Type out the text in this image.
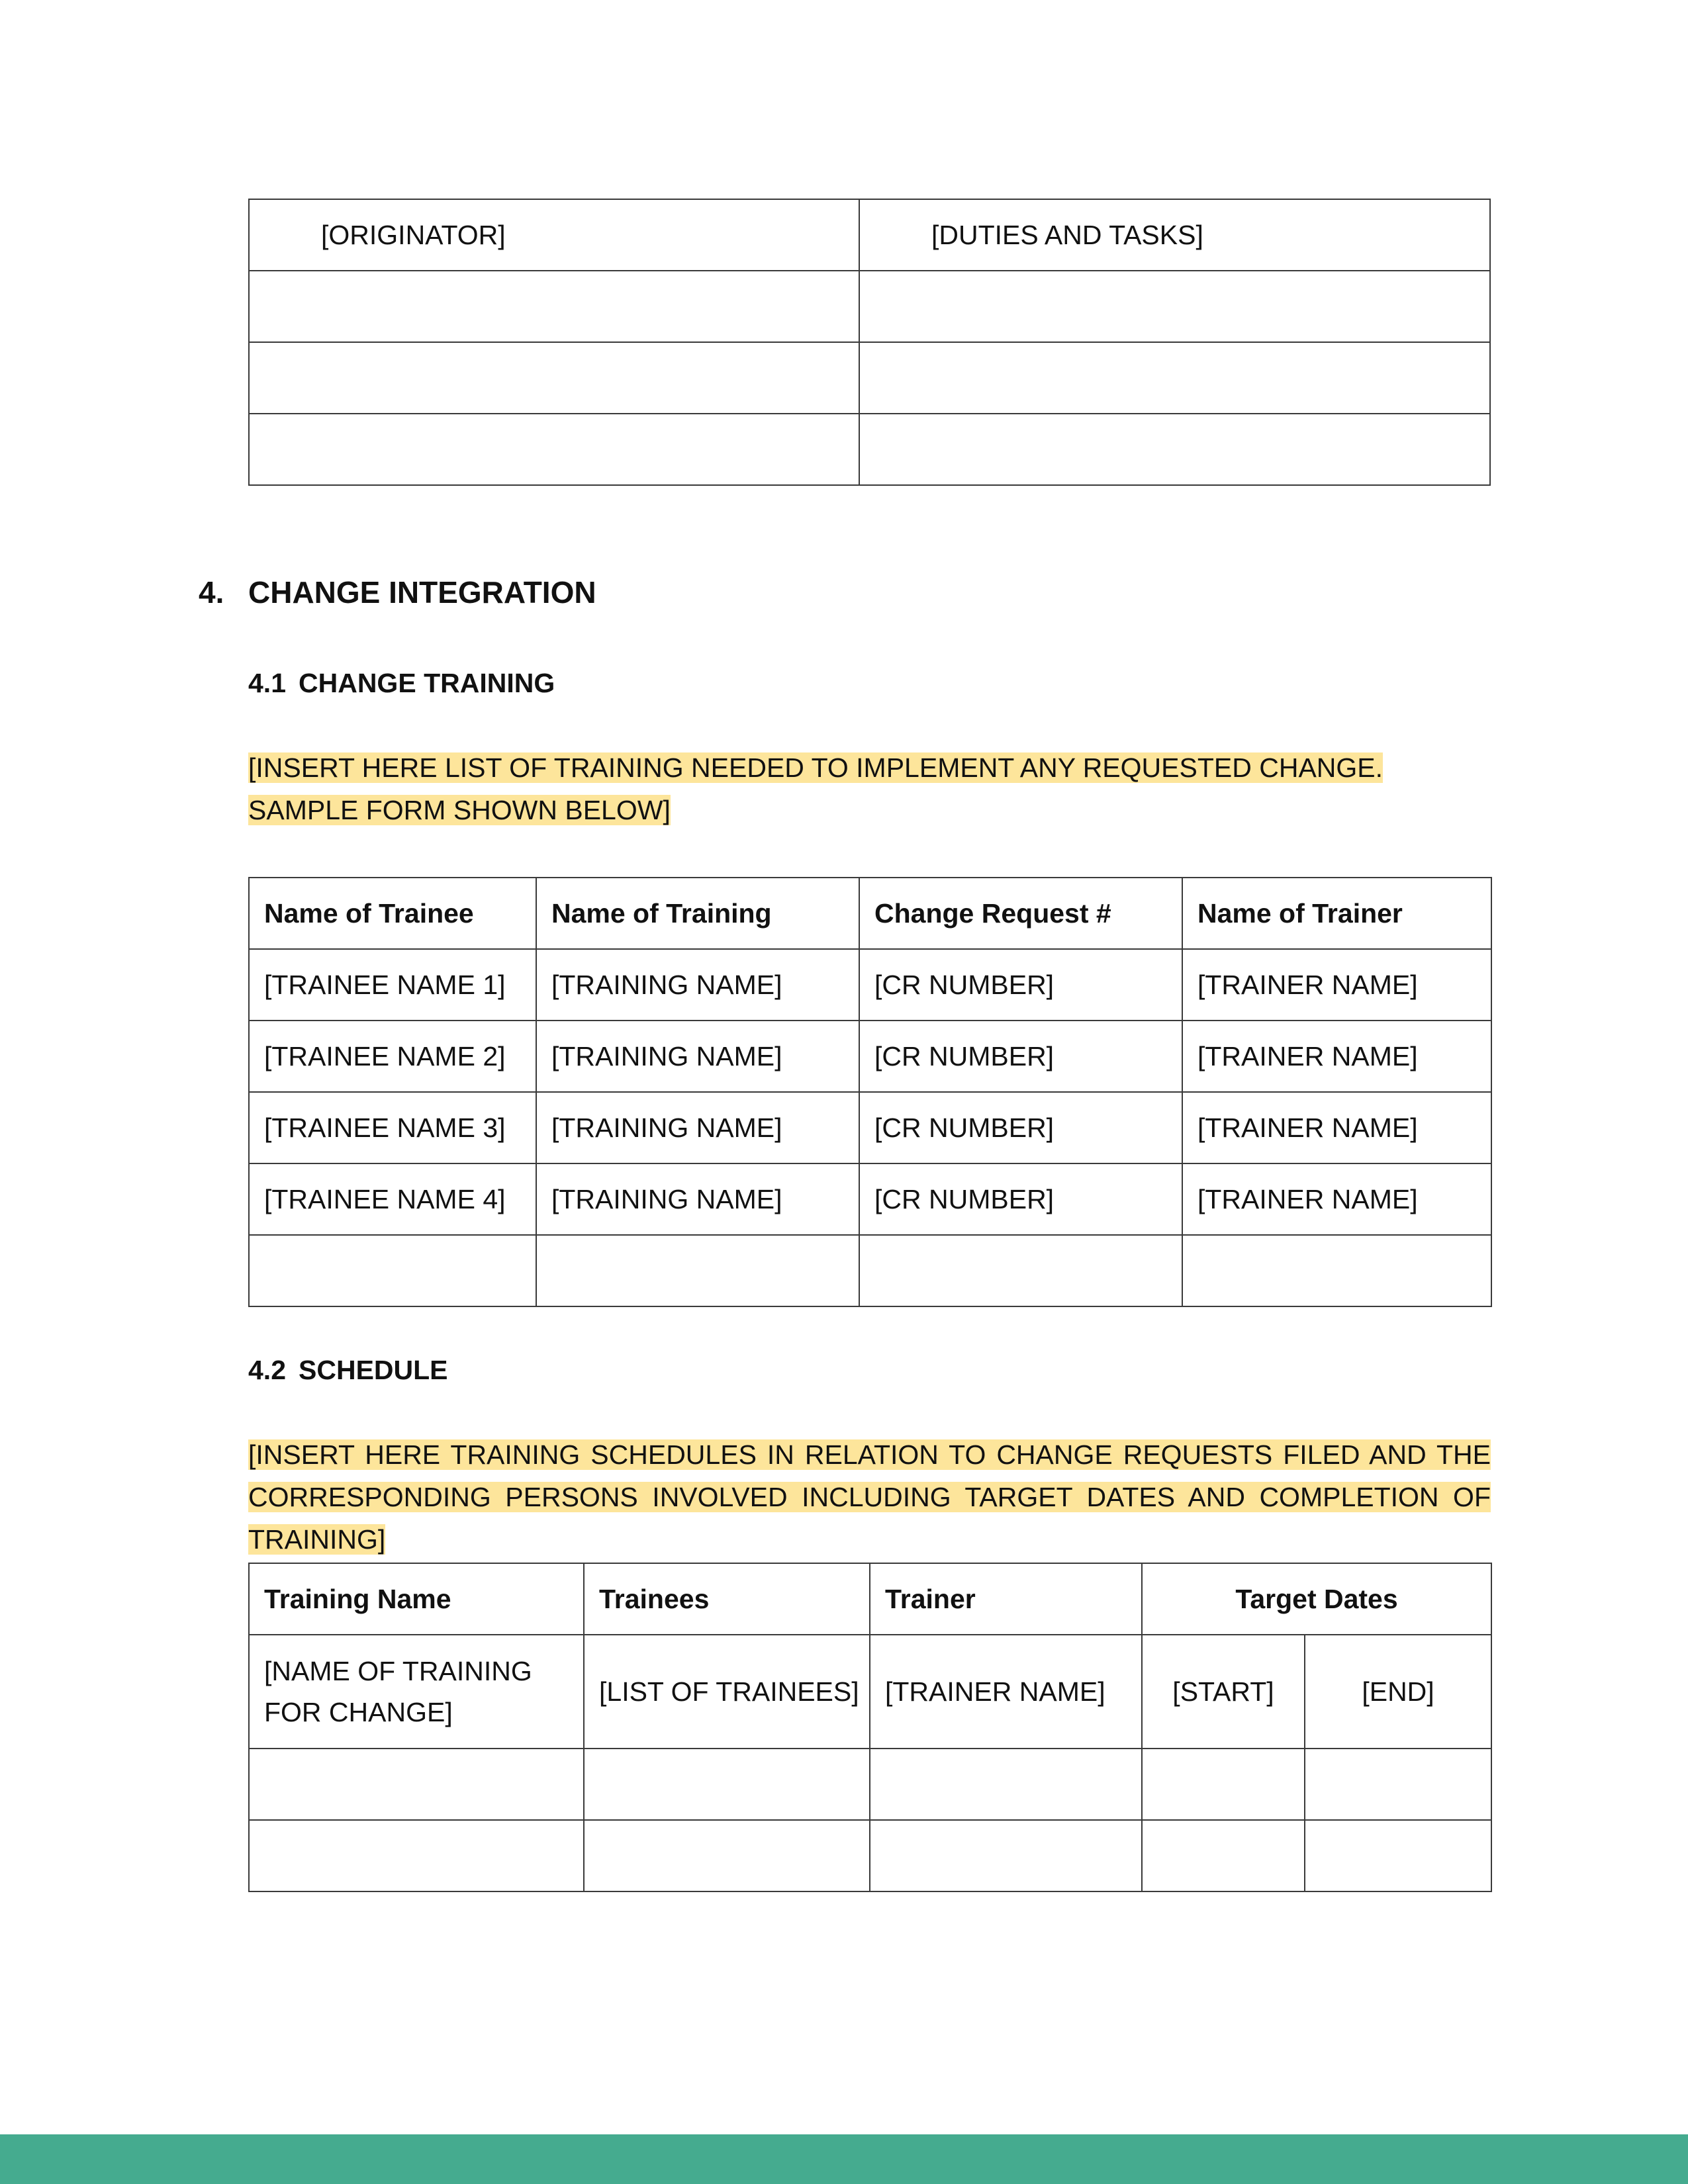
[ORIGINATOR]	[DUTIES AND TASKS]

4. CHANGE INTEGRATION
4.1 CHANGE TRAINING
[INSERT HERE LIST OF TRAINING NEEDED TO IMPLEMENT ANY REQUESTED CHANGE. SAMPLE FORM SHOWN BELOW]
Name of Trainee	Name of Training	Change Request #	Name of Trainer
[TRAINEE NAME 1]	[TRAINING NAME]	[CR NUMBER]	[TRAINER NAME]
[TRAINEE NAME 2]	[TRAINING NAME]	[CR NUMBER]	[TRAINER NAME]
[TRAINEE NAME 3]	[TRAINING NAME]	[CR NUMBER]	[TRAINER NAME]
[TRAINEE NAME 4]	[TRAINING NAME]	[CR NUMBER]	[TRAINER NAME]

4.2 SCHEDULE
[INSERT HERE TRAINING SCHEDULES IN RELATION TO CHANGE REQUESTS FILED AND THE CORRESPONDING PERSONS INVOLVED INCLUDING TARGET DATES AND COMPLETION OF TRAINING]
Training Name	Trainees	Trainer	Target Dates	

[NAME OF TRAINING
FOR CHANGE]	[LIST OF TRAINEES]	[TRAINER NAME]	[START]	[END]
